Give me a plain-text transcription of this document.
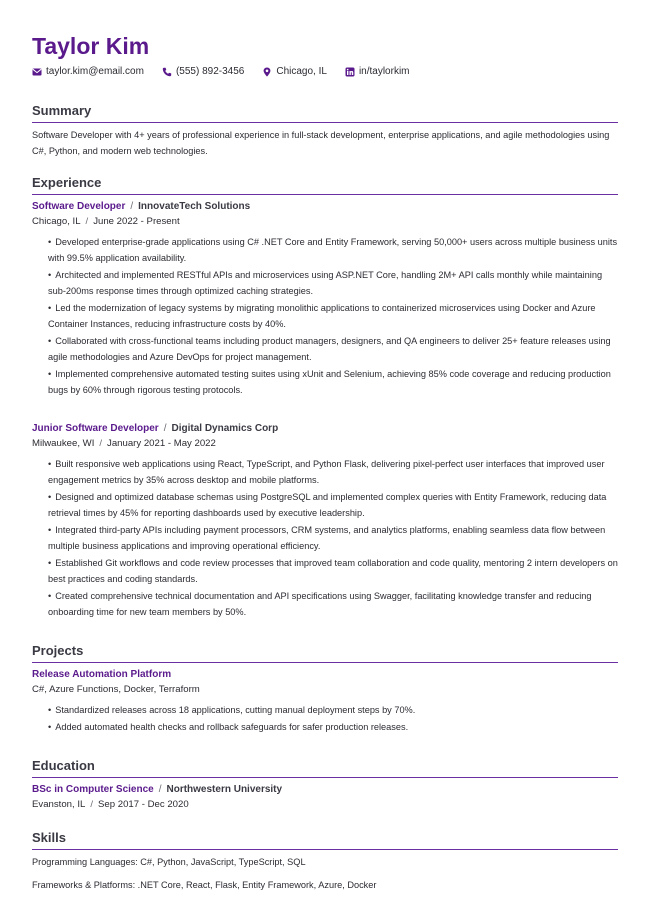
Taylor Kim
taylor.kim@email.com	(555) 892-3456	Chicago, IL	in/taylorkim
Summary

Software Developer with 4+ years of professional experience in full-stack development, enterprise applications, and agile methodologies using C#, Python, and modern web technologies.

Experience
Software Developer / InnovateTech Solutions
Chicago, IL / June 2022 - Present
• Developed enterprise-grade applications using C# .NET Core and Entity Framework, serving 50,000+ users across multiple business units with 99.5% application availability.
• Architected and implemented RESTful APIs and microservices using ASP.NET Core, handling 2M+ API calls monthly while maintaining sub-200ms response times through optimized caching strategies.
• Led the modernization of legacy systems by migrating monolithic applications to containerized microservices using Docker and Azure Container Instances, reducing infrastructure costs by 40%.
• Collaborated with cross-functional teams including product managers, designers, and QA engineers to deliver 25+ feature releases using agile methodologies and Azure DevOps for project management.
• Implemented comprehensive automated testing suites using xUnit and Selenium, achieving 85% code coverage and reducing production bugs by 60% through rigorous testing protocols.
Junior Software Developer / Digital Dynamics Corp
Milwaukee, WI / January 2021 - May 2022
• Built responsive web applications using React, TypeScript, and Python Flask, delivering pixel-perfect user interfaces that improved user engagement metrics by 35% across desktop and mobile platforms.
• Designed and optimized database schemas using PostgreSQL and implemented complex queries with Entity Framework, reducing data retrieval times by 45% for reporting dashboards used by executive leadership.
• Integrated third-party APIs including payment processors, CRM systems, and analytics platforms, enabling seamless data flow between multiple business applications and improving operational efficiency.
• Established Git workflows and code review processes that improved team collaboration and code quality, mentoring 2 intern developers on best practices and coding standards.
• Created comprehensive technical documentation and API specifications using Swagger, facilitating knowledge transfer and reducing onboarding time for new team members by 50%.
Projects
Release Automation Platform
C#, Azure Functions, Docker, Terraform
• Standardized releases across 18 applications, cutting manual deployment steps by 70%.
• Added automated health checks and rollback safeguards for safer production releases.
Education
BSc in Computer Science / Northwestern University
Evanston, IL / Sep 2017 - Dec 2020
Skills
Programming Languages: C#, Python, JavaScript, TypeScript, SQL
Frameworks & Platforms: .NET Core, React, Flask, Entity Framework, Azure, Docker
